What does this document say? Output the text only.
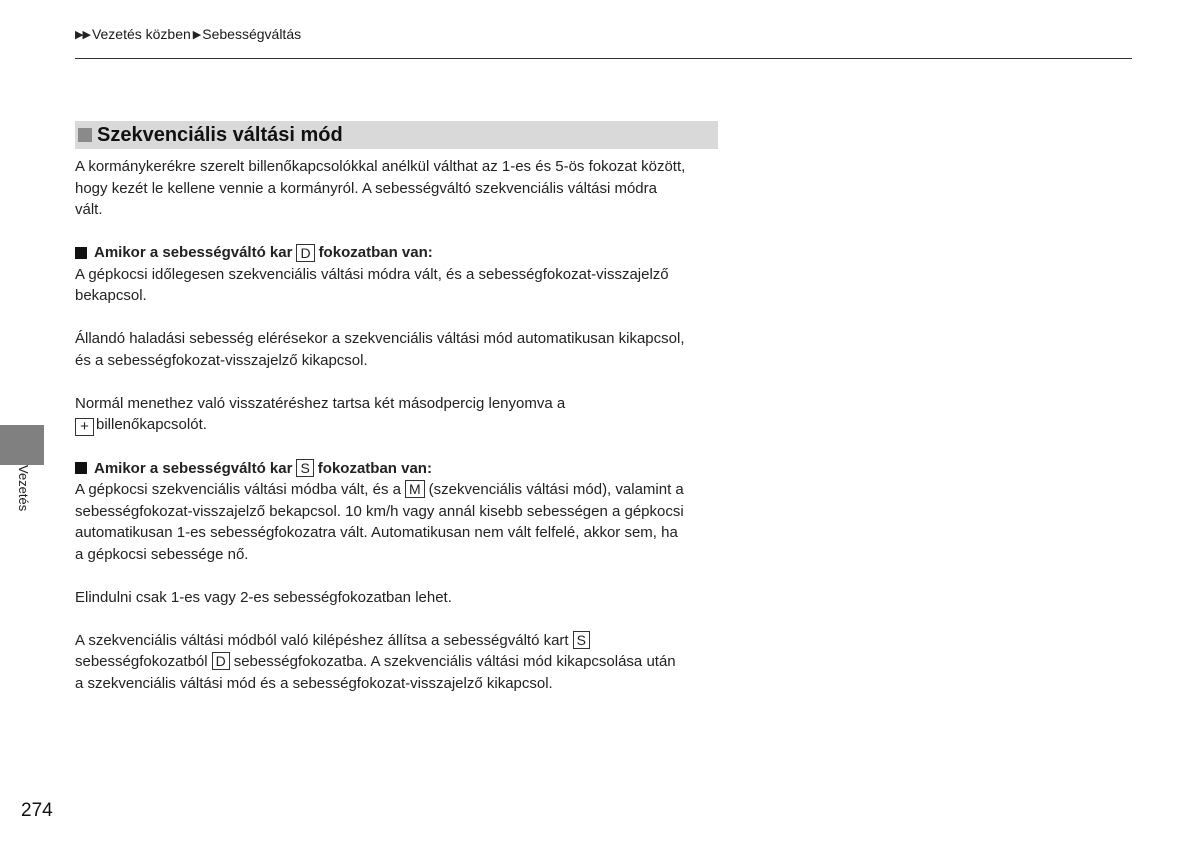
▶ ▶ Vezetés közben ▶ Sebességváltás
Szekvenciális váltási mód

A kormánykerékre szerelt billenőkapcsolókkal anélkül válthat az 1-es és 5-ös fokozat között,

hogy kezét le kellene vennie a kormányról. A sebességváltó szekvenciális váltási módra

vált.

Amikor a sebességváltó kar D fokozatban van:

A gépkocsi időlegesen szekvenciális váltási módra vált, és a sebességfokozat-visszajelző

bekapcsol.

Állandó haladási sebesség elérésekor a szekvenciális váltási mód automatikusan kikapcsol,

és a sebességfokozat-visszajelző kikapcsol.

Normál menethez való visszatéréshez tartsa két másodpercig lenyomva a

+ billenőkapcsolót.

Amikor a sebességváltó kar S fokozatban van:

A gépkocsi szekvenciális váltási módba vált, és a M (szekvenciális váltási mód), valamint a

sebességfokozat-visszajelző bekapcsol. 10 km/h vagy annál kisebb sebességen a gépkocsi

automatikusan 1-es sebességfokozatra vált. Automatikusan nem vált felfelé, akkor sem, ha

a gépkocsi sebessége nő.

Elindulni csak 1-es vagy 2-es sebességfokozatban lehet.

A szekvenciális váltási módból való kilépéshez állítsa a sebességváltó kart S

sebességfokozatból D sebességfokozatba. A szekvenciális váltási mód kikapcsolása után

a szekvenciális váltási mód és a sebességfokozat-visszajelző kikapcsol.

Vezetés
274
